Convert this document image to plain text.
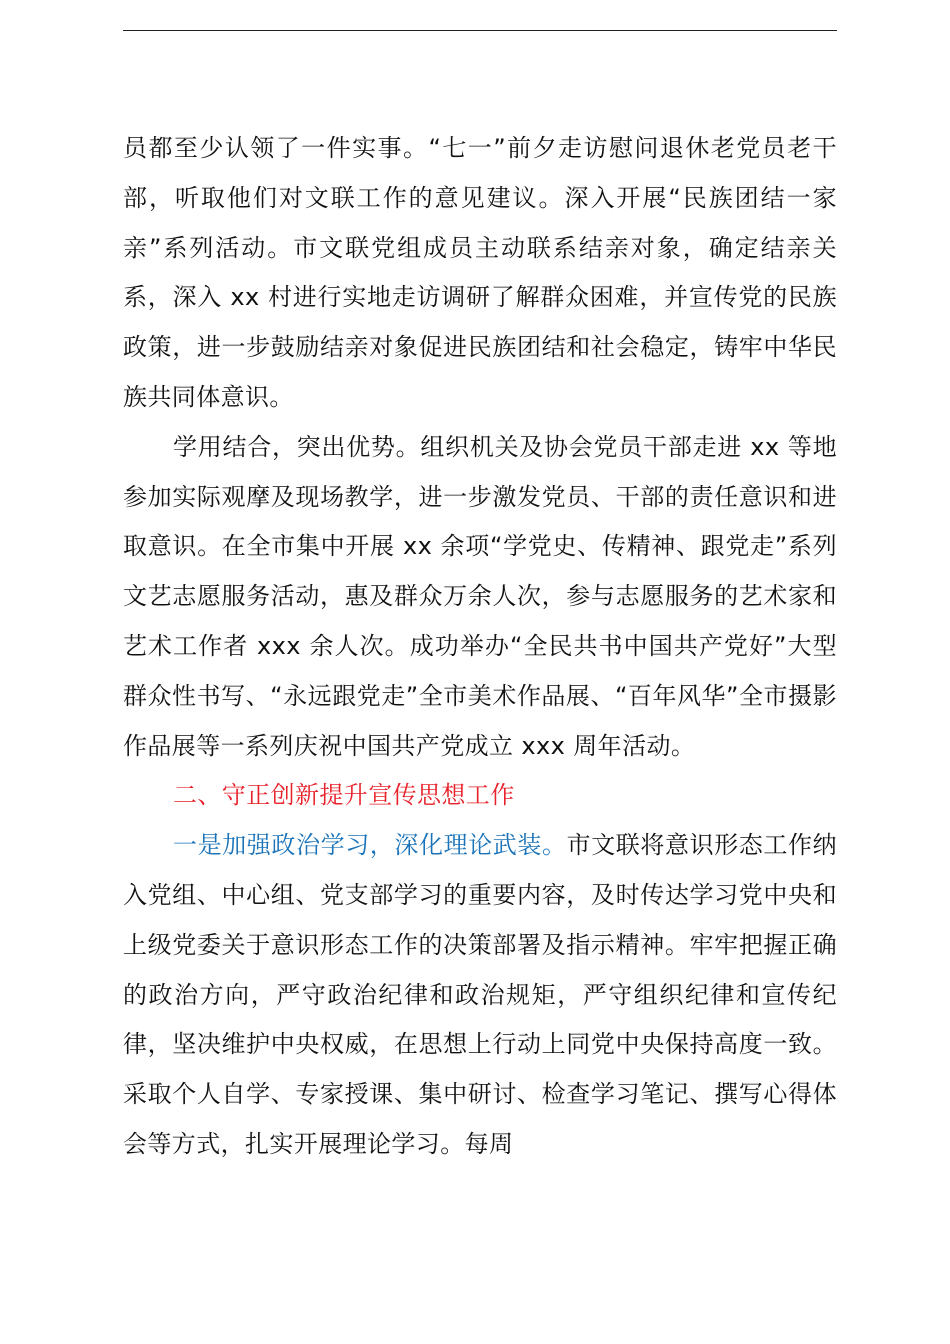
员都至少认领了一件实事。“七一”前夕走访慰问退休老党员老干部，听取他们对文联工作的意见建议。深入开展“民族团结一家亲”系列活动。市文联党组成员主动联系结亲对象，确定结亲关系，深入 xx 村进行实地走访调研了解群众困难，并宣传党的民族政策，进一步鼓励结亲对象促进民族团结和社会稳定，铸牢中华民族共同体意识。

学用结合，突出优势。组织机关及协会党员干部走进 xx 等地参加实际观摩及现场教学，进一步激发党员、干部的责任意识和进取意识。在全市集中开展 xx 余项“学党史、传精神、跟党走”系列文艺志愿服务活动，惠及群众万余人次，参与志愿服务的艺术家和艺术工作者 xxx 余人次。成功举办“全民共书中国共产党好”大型群众性书写、“永远跟党走”全市美术作品展、“百年风华”全市摄影作品展等一系列庆祝中国共产党成立 xxx 周年活动。

二、守正创新提升宣传思想工作

一是加强政治学习，深化理论武装。市文联将意识形态工作纳入党组、中心组、党支部学习的重要内容，及时传达学习党中央和上级党委关于意识形态工作的决策部署及指示精神。牢牢把握正确的政治方向，严守政治纪律和政治规矩，严守组织纪律和宣传纪律，坚决维护中央权威，在思想上行动上同党中央保持高度一致。采取个人自学、专家授课、集中研讨、检查学习笔记、撰写心得体会等方式，扎实开展理论学习。每周
